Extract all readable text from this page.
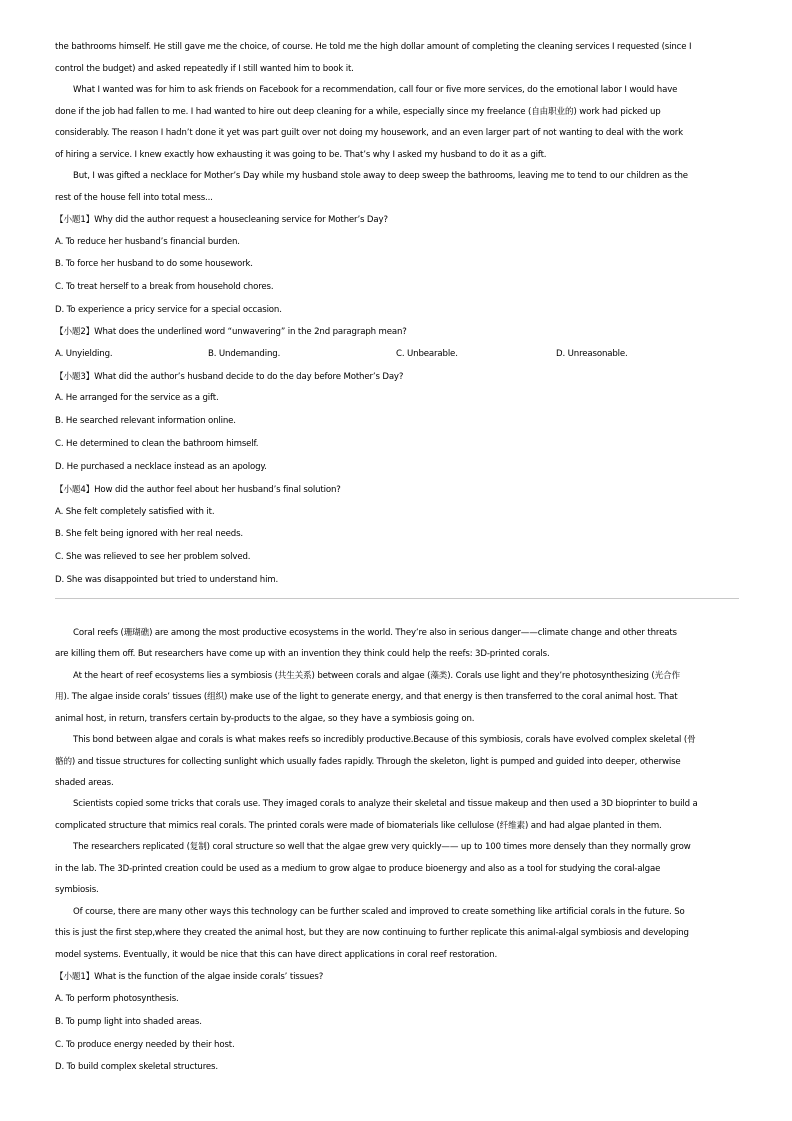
the bathrooms himself. He still gave me the choice, of course. He told me the high dollar amount of completing the cleaning services I requested (since I
control the budget) and asked repeatedly if I still wanted him to book it.
What I wanted was for him to ask friends on Facebook for a recommendation, call four or five more services, do the emotional labor I would have
done if the job had fallen to me. I had wanted to hire out deep cleaning for a while, especially since my freelance (自由职业的) work had picked up
considerably. The reason I hadn’t done it yet was part guilt over not doing my housework, and an even larger part of not wanting to deal with the work
of hiring a service. I knew exactly how exhausting it was going to be. That’s why I asked my husband to do it as a gift.
But, I was gifted a necklace for Mother’s Day while my husband stole away to deep sweep the bathrooms, leaving me to tend to our children as the
rest of the house fell into total mess...
【小题1】Why did the author request a housecleaning service for Mother’s Day?
A. To reduce her husband’s financial burden.
B. To force her husband to do some housework.
C. To treat herself to a break from household chores.
D. To experience a pricy service for a special occasion.
【小题2】What does the underlined word “unwavering” in the 2nd paragraph mean?
A. Unyielding.	B. Undemanding.	C. Unbearable.	D. Unreasonable.
【小题3】What did the author’s husband decide to do the day before Mother’s Day?
A. He arranged for the service as a gift.
B. He searched relevant information online.
C. He determined to clean the bathroom himself.
D. He purchased a necklace instead as an apology.
【小题4】How did the author feel about her husband’s final solution?
A. She felt completely satisfied with it.
B. She felt being ignored with her real needs.
C. She was relieved to see her problem solved.
D. She was disappointed but tried to understand him.
Coral reefs (珊瑚礁) are among the most productive ecosystems in the world. They’re also in serious danger——climate change and other threats
are killing them off. But researchers have come up with an invention they think could help the reefs: 3D-printed corals.
At the heart of reef ecosystems lies a symbiosis (共生关系) between corals and algae (藻类). Corals use light and they’re photosynthesizing (光合作
用). The algae inside corals’ tissues (组织) make use of the light to generate energy, and that energy is then transferred to the coral animal host. That
animal host, in return, transfers certain by-products to the algae, so they have a symbiosis going on.
This bond between algae and corals is what makes reefs so incredibly productive.Because of this symbiosis, corals have evolved complex skeletal (骨
骼的) and tissue structures for collecting sunlight which usually fades rapidly. Through the skeleton, light is pumped and guided into deeper, otherwise
shaded areas.
Scientists copied some tricks that corals use. They imaged corals to analyze their skeletal and tissue makeup and then used a 3D bioprinter to build a
complicated structure that mimics real corals. The printed corals were made of biomaterials like cellulose (纤维素) and had algae planted in them.
The researchers replicated (复制) coral structure so well that the algae grew very quickly—— up to 100 times more densely than they normally grow
in the lab. The 3D-printed creation could be used as a medium to grow algae to produce bioenergy and also as a tool for studying the coral-algae
symbiosis.
Of course, there are many other ways this technology can be further scaled and improved to create something like artificial corals in the future. So
this is just the first step,where they created the animal host, but they are now continuing to further replicate this animal-algal symbiosis and developing
model systems. Eventually, it would be nice that this can have direct applications in coral reef restoration.
【小题1】What is the function of the algae inside corals’ tissues?
A. To perform photosynthesis.
B. To pump light into shaded areas.
C. To produce energy needed by their host.
D. To build complex skeletal structures.
